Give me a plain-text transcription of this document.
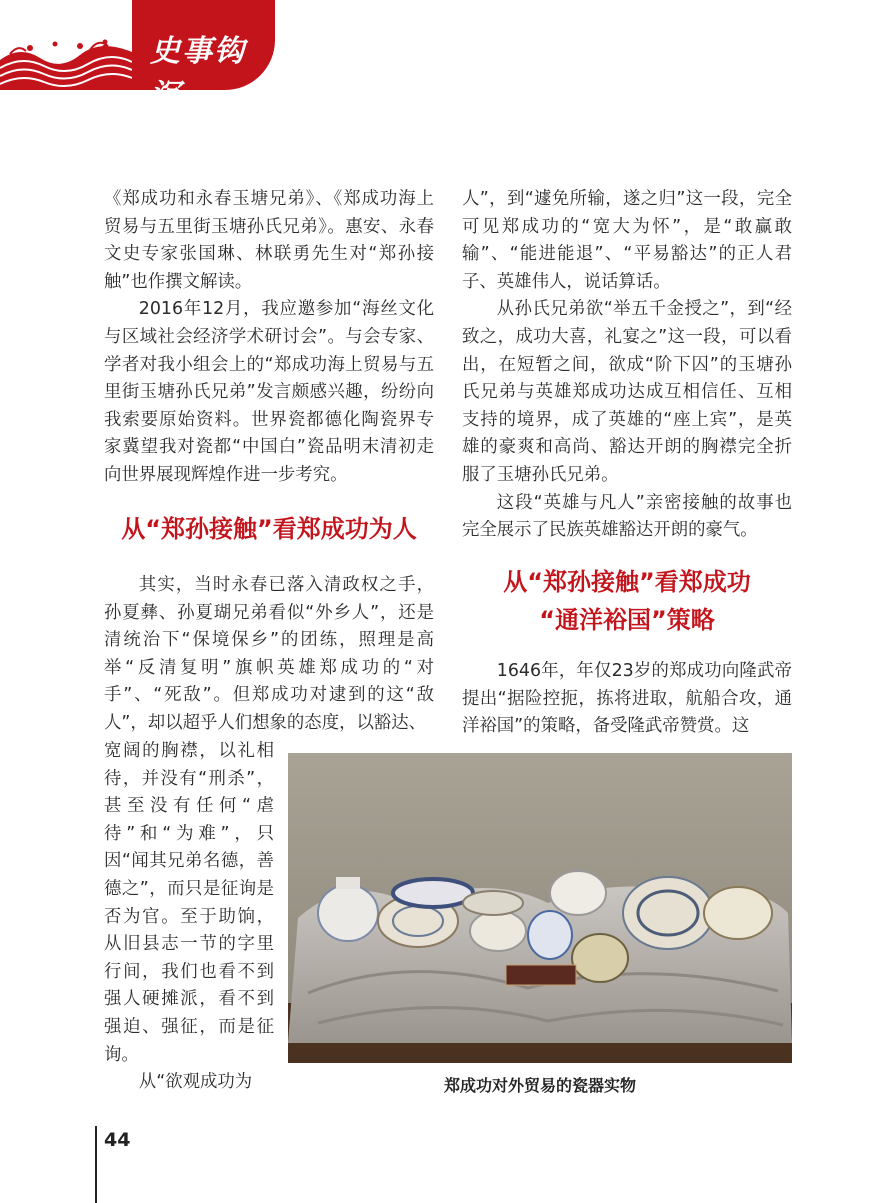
史事钩沉

《郑成功和永春玉塘兄弟》、《郑成功海上贸易与五里街玉塘孙氏兄弟》。惠安、永春文史专家张国琳、林联勇先生对“郑孙接触”也作撰文解读。

2016年12月，我应邀参加“海丝文化与区域社会经济学术研讨会”。与会专家、学者对我小组会上的“郑成功海上贸易与五里街玉塘孙氏兄弟”发言颇感兴趣，纷纷向我索要原始资料。世界瓷都德化陶瓷界专家冀望我对瓷都“中国白”瓷品明末清初走向世界展现辉煌作进一步考究。

从“郑孙接触”看郑成功为人

其实，当时永春已落入清政权之手，孙夏彝、孙夏瑚兄弟看似“外乡人”，还是清统治下“保境保乡”的团练，照理是高举“反清复明”旗帜英雄郑成功的“对手”、“死敌”。但郑成功对逮到的这“敌人”，却以超乎人们想象的态度，以豁达、

宽阔的胸襟，以礼相待，并没有“刑杀”，甚至没有任何“虐待”和“为难”，只因“闻其兄弟名德，善德之”，而只是征询是否为官。至于助饷，从旧县志一节的字里行间，我们也看不到强人硬摊派，看不到强迫、强征，而是征询。

从“欲观成功为

人”，到“遽免所输，遂之归”这一段，完全可见郑成功的“宽大为怀”，是“敢赢敢输”、“能进能退”、“平易豁达”的正人君子、英雄伟人，说话算话。

从孙氏兄弟欲“举五千金授之”，到“经致之，成功大喜，礼宴之”这一段，可以看出，在短暂之间，欲成“阶下囚”的玉塘孙氏兄弟与英雄郑成功达成互相信任、互相支持的境界，成了英雄的“座上宾”，是英雄的豪爽和高尚、豁达开朗的胸襟完全折服了玉塘孙氏兄弟。

这段“英雄与凡人”亲密接触的故事也完全展示了民族英雄豁达开朗的豪气。

从“郑孙接触”看郑成功
“通洋裕国”策略

1646年，年仅23岁的郑成功向隆武帝提出“据险控扼，拣将进取，航船合攻，通洋裕国”的策略，备受隆武帝赞赏。这

郑成功对外贸易的瓷器实物
44
